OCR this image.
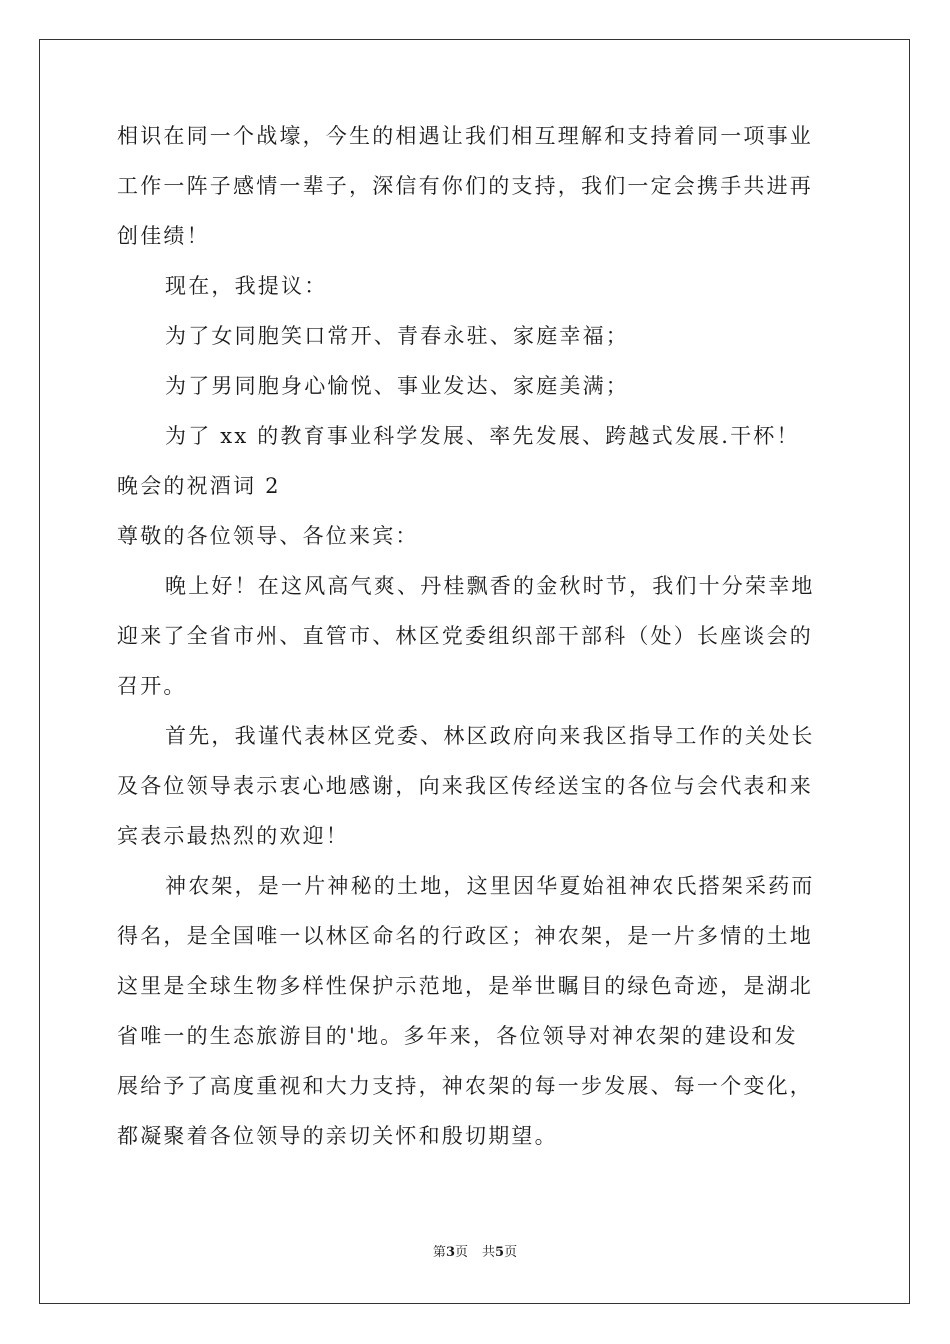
相识在同一个战壕，今生的相遇让我们相互理解和支持着同一项事业
工作一阵子感情一辈子，深信有你们的支持，我们一定会携手共进再
创佳绩！
现在，我提议：
为了女同胞笑口常开、青春永驻、家庭幸福；
为了男同胞身心愉悦、事业发达、家庭美满；
为了 xx 的教育事业科学发展、率先发展、跨越式发展.干杯！
晚会的祝酒词 2
尊敬的各位领导、各位来宾：
晚上好！在这风高气爽、丹桂飘香的金秋时节，我们十分荣幸地
迎来了全省市州、直管市、林区党委组织部干部科（处）长座谈会的
召开。
首先，我谨代表林区党委、林区政府向来我区指导工作的关处长
及各位领导表示衷心地感谢，向来我区传经送宝的各位与会代表和来
宾表示最热烈的欢迎！
神农架，是一片神秘的土地，这里因华夏始祖神农氏搭架采药而
得名，是全国唯一以林区命名的行政区；神农架，是一片多情的土地
这里是全球生物多样性保护示范地，是举世瞩目的绿色奇迹，是湖北
省唯一的生态旅游目的'地。多年来，各位领导对神农架的建设和发
展给予了高度重视和大力支持，神农架的每一步发展、每一个变化，
都凝聚着各位领导的亲切关怀和殷切期望。
第3页 共5页
